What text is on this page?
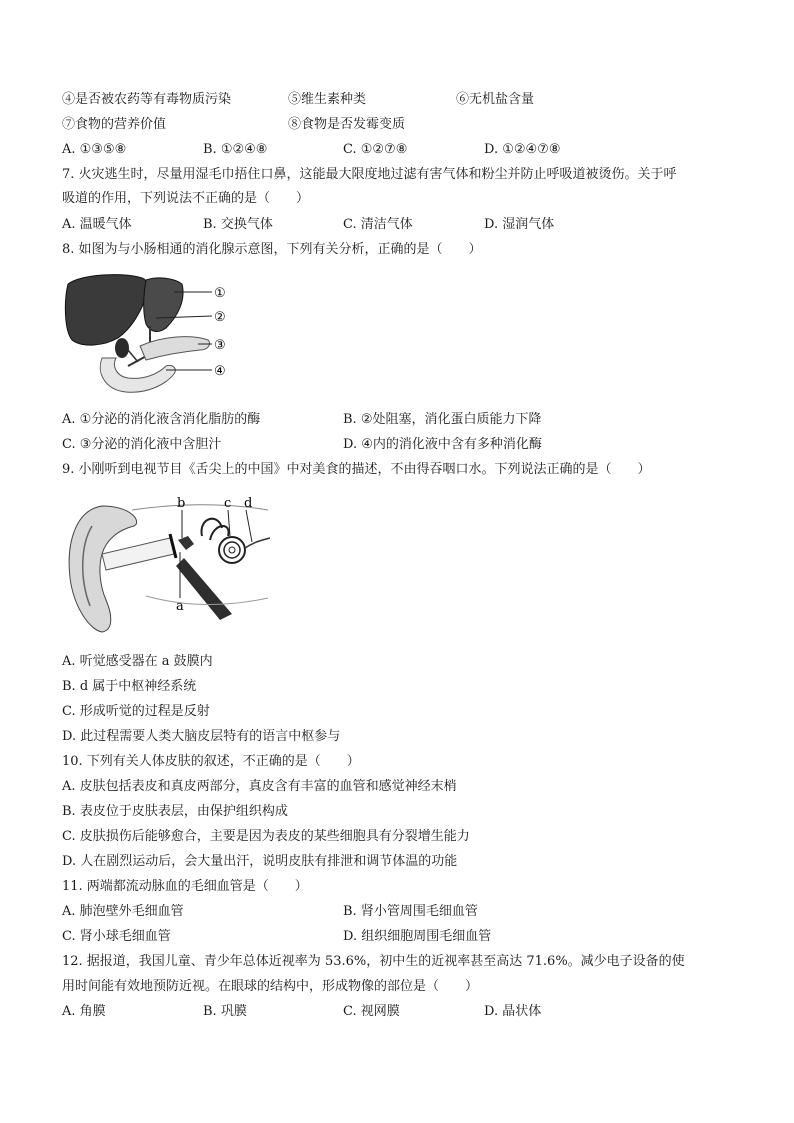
④是否被农药等有毒物质污染	⑤维生素种类	⑥无机盐含量
⑦食物的营养价值	⑧食物是否发霉变质
A. ①③⑤⑧	B. ①②④⑧	C. ①②⑦⑧	D. ①②④⑦⑧
7. 火灾逃生时，尽量用湿毛巾捂住口鼻，这能最大限度地过滤有害气体和粉尘并防止呼吸道被烫伤。关于呼
吸道的作用，下列说法不正确的是（　　）
A. 温暖气体	B. 交换气体	C. 清洁气体	D. 湿润气体
8. 如图为与小肠相通的消化腺示意图，下列有关分析，正确的是（　　）
①
②
③
④
A. ①分泌的消化液含消化脂肪的酶	B. ②处阻塞，消化蛋白质能力下降
C. ③分泌的消化液中含胆汁	D. ④内的消化液中含有多种消化酶
9. 小刚听到电视节目《舌尖上的中国》中对美食的描述，不由得吞咽口水。下列说法正确的是（　　）
b	c d
a
A. 听觉感受器在 a 鼓膜内
B. d 属于中枢神经系统
C. 形成听觉的过程是反射
D. 此过程需要人类大脑皮层特有的语言中枢参与
10. 下列有关人体皮肤的叙述，不正确的是（　　）
A. 皮肤包括表皮和真皮两部分，真皮含有丰富的血管和感觉神经末梢
B. 表皮位于皮肤表层，由保护组织构成
C. 皮肤损伤后能够愈合，主要是因为表皮的某些细胞具有分裂增生能力
D. 人在剧烈运动后，会大量出汗，说明皮肤有排泄和调节体温的功能
11. 两端都流动脉血的毛细血管是（　　）
A. 肺泡壁外毛细血管	B. 肾小管周围毛细血管
C. 肾小球毛细血管	D. 组织细胞周围毛细血管
12. 据报道，我国儿童、青少年总体近视率为 53.6%，初中生的近视率甚至高达 71.6%。减少电子设备的使
用时间能有效地预防近视。在眼球的结构中，形成物像的部位是（　　）
A. 角膜	B. 巩膜	C. 视网膜	D. 晶状体
